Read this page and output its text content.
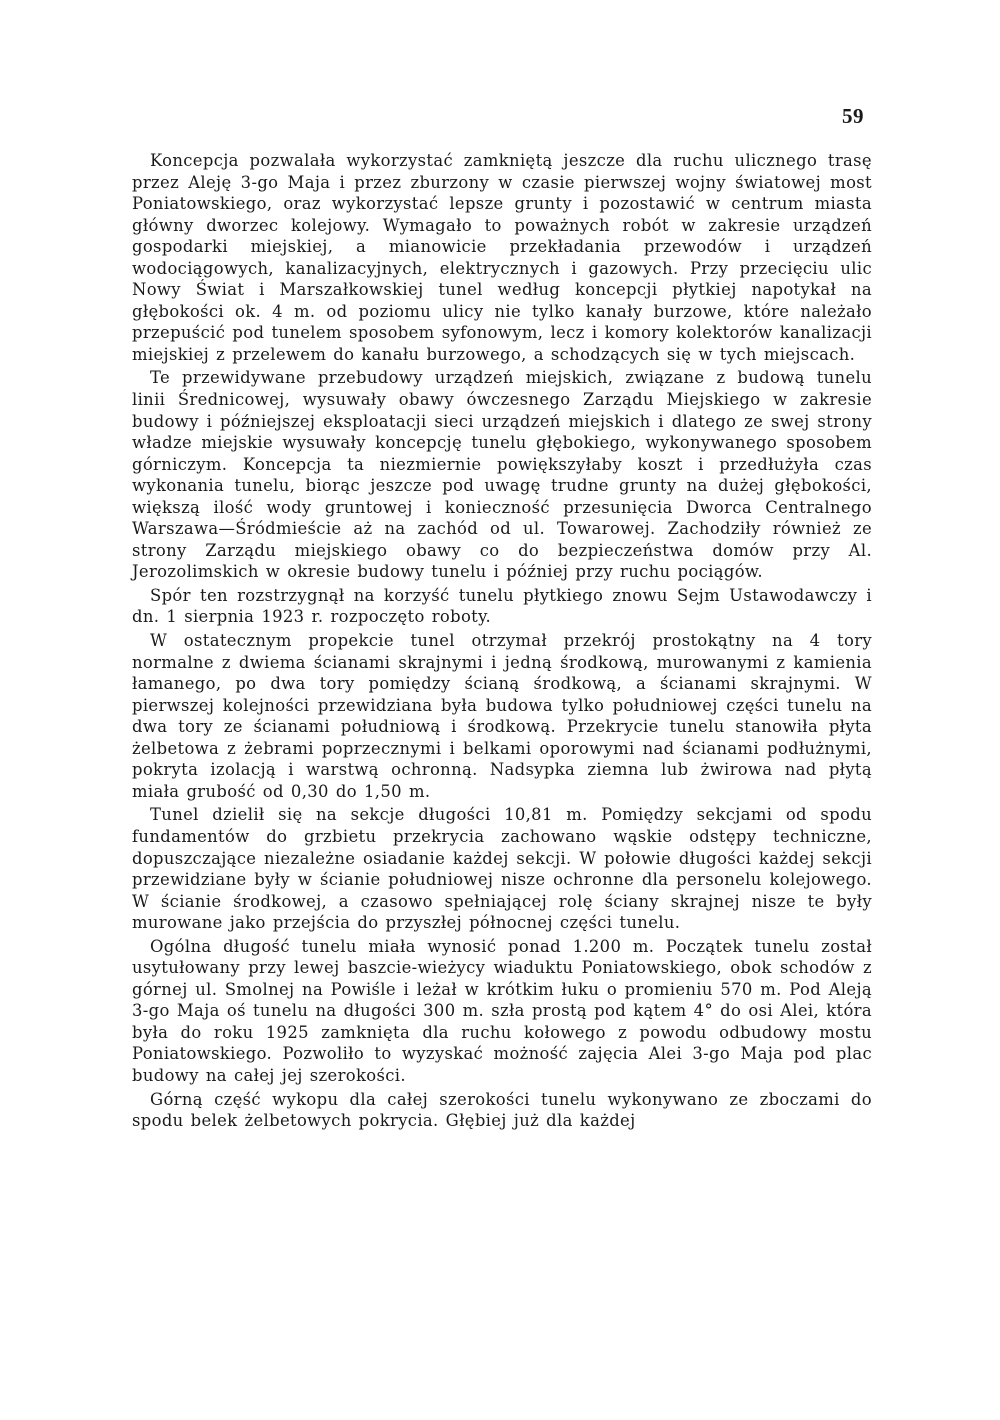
59

Koncepcja pozwalała wykorzystać zamkniętą jeszcze dla ruchu ulicznego trasę przez Aleję 3-go Maja i przez zburzony w czasie pierwszej wojny światowej most Poniatowskiego, oraz wykorzystać lepsze grunty i pozostawić w centrum miasta główny dworzec kolejowy. Wymagało to poważnych robót w zakresie urządzeń gospodarki miejskiej, a mianowicie przekładania przewodów i urządzeń wodociągowych, kanalizacyjnych, elektrycznych i gazowych. Przy przecięciu ulic Nowy Świat i Marszałkowskiej tunel według koncepcji płytkiej napotykał na głębokości ok. 4 m. od poziomu ulicy nie tylko kanały burzowe, które należało przepuścić pod tunelem sposobem syfonowym, lecz i komory kolektorów kanalizacji miejskiej z przelewem do kanału burzowego, a schodzących się w tych miejscach.

Te przewidywane przebudowy urządzeń miejskich, związane z budową tunelu linii Średnicowej, wysuwały obawy ówczesnego Zarządu Miejskiego w zakresie budowy i późniejszej eksploatacji sieci urządzeń miejskich i dlatego ze swej strony władze miejskie wysuwały koncepcję tunelu głębokiego, wykonywanego sposobem górniczym. Koncepcja ta niezmiernie powiększyłaby koszt i przedłużyła czas wykonania tunelu, biorąc jeszcze pod uwagę trudne grunty na dużej głębokości, większą ilość wody gruntowej i konieczność przesunięcia Dworca Centralnego Warszawa—Śródmieście aż na zachód od ul. Towarowej. Zachodziły również ze strony Zarządu miejskiego obawy co do bezpieczeństwa domów przy Al. Jerozolimskich w okresie budowy tunelu i później przy ruchu pociągów.

Spór ten rozstrzygnął na korzyść tunelu płytkiego znowu Sejm Ustawodawczy i dn. 1 sierpnia 1923 r. rozpoczęto roboty.

W ostatecznym propekcie tunel otrzymał przekrój prostokątny na 4 tory normalne z dwiema ścianami skrajnymi i jedną środkową, murowanymi z kamienia łamanego, po dwa tory pomiędzy ścianą środkową, a ścianami skrajnymi. W pierwszej kolejności przewidziana była budowa tylko południowej części tunelu na dwa tory ze ścianami południową i środkową. Przekrycie tunelu stanowiła płyta żelbetowa z żebrami poprzecznymi i belkami oporowymi nad ścianami podłużnymi, pokryta izolacją i warstwą ochronną. Nadsypka ziemna lub żwirowa nad płytą miała grubość od 0,30 do 1,50 m.

Tunel dzielił się na sekcje długości 10,81 m. Pomiędzy sekcjami od spodu fundamentów do grzbietu przekrycia zachowano wąskie odstępy techniczne, dopuszczające niezależne osiadanie każdej sekcji. W połowie długości każdej sekcji przewidziane były w ścianie południowej nisze ochronne dla personelu kolejowego. W ścianie środkowej, a czasowo spełniającej rolę ściany skrajnej nisze te były murowane jako przejścia do przyszłej północnej części tunelu.

Ogólna długość tunelu miała wynosić ponad 1.200 m. Początek tunelu został usytułowany przy lewej baszcie-wieżycy wiaduktu Poniatowskiego, obok schodów z górnej ul. Smolnej na Powiśle i leżał w krótkim łuku o promieniu 570 m. Pod Aleją 3-go Maja oś tunelu na długości 300 m. szła prostą pod kątem 4° do osi Alei, która była do roku 1925 zamknięta dla ruchu kołowego z powodu odbudowy mostu Poniatowskiego. Pozwoliło to wyzyskać możność zajęcia Alei 3-go Maja pod plac budowy na całej jej szerokości.

Górną część wykopu dla całej szerokości tunelu wykonywano ze zboczami do spodu belek żelbetowych pokrycia. Głębiej już dla każdej
